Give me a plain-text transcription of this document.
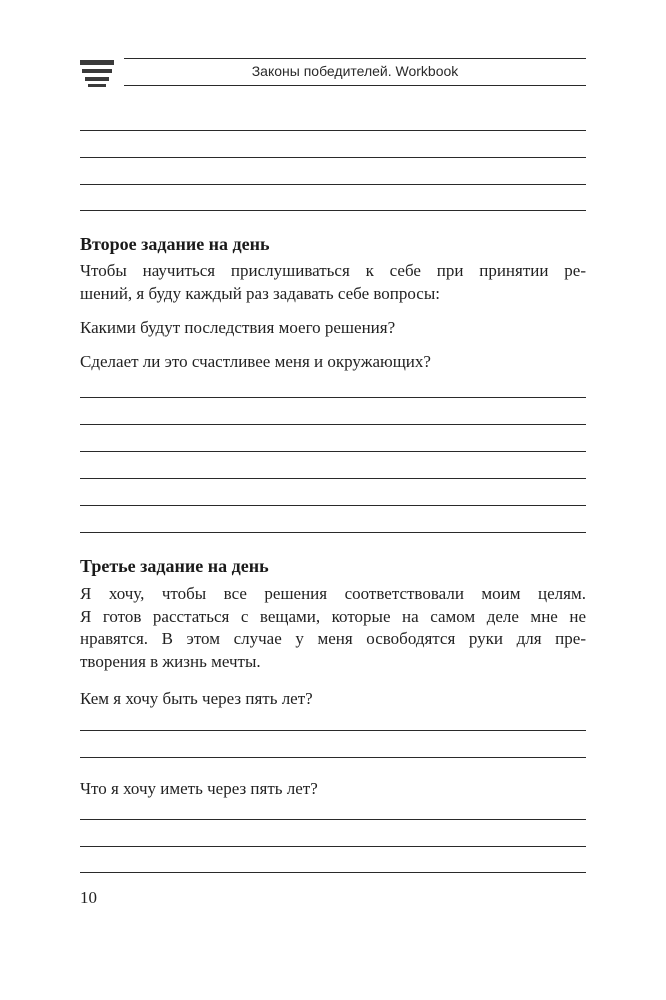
Законы победителей. Workbook
Второе задание на день
Чтобы научиться прислушиваться к себе при принятии ре-
шений, я буду каждый раз задавать себе вопросы:
Какими будут последствия моего решения?
Сделает ли это счастливее меня и окружающих?
Третье задание на день
Я хочу, чтобы все решения соответствовали моим целям.
Я готов расстаться с вещами, которые на самом деле мне не
нравятся. В этом случае у меня освободятся руки для пре-
творения в жизнь мечты.
Кем я хочу быть через пять лет?
Что я хочу иметь через пять лет?
10
